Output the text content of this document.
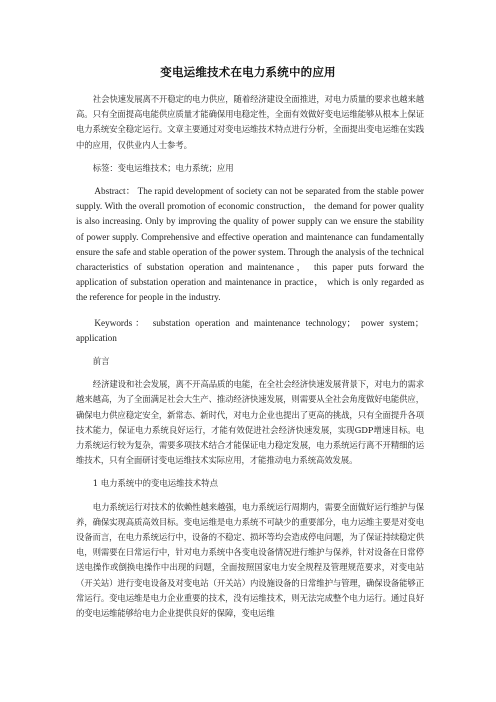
变电运维技术在电力系统中的应用

社会快速发展离不开稳定的电力供应，随着经济建设全面推进，对电力质量的要求也越来越高。只有全面提高电能供应质量才能确保用电稳定性，全面有效做好变电运维能够从根本上保证电力系统安全稳定运行。文章主要通过对变电运维技术特点进行分析，全面提出变电运维在实践中的应用，仅供业内人士参考。

标签：变电运维技术；电力系统；应用

Abstract： The rapid development of society can not be separated from the stable power supply. With the overall promotion of economic construction， the demand for power quality is also increasing. Only by improving the quality of power supply can we ensure the stability of power supply. Comprehensive and effective operation and maintenance can fundamentally ensure the safe and stable operation of the power system. Through the analysis of the technical characteristics of substation operation and maintenance， this paper puts forward the application of substation operation and maintenance in practice， which is only regarded as the reference for people in the industry.

Keywords： substation operation and maintenance technology； power system； application

前言

经济建设和社会发展，离不开高品质的电能，在全社会经济快速发展背景下，对电力的需求越来越高，为了全面满足社会大生产、推动经济快速发展，则需要从全社会角度做好电能供应，确保电力供应稳定安全，新常态、新时代，对电力企业也提出了更高的挑战，只有全面提升各项技术能力，保证电力系统良好运行，才能有效促进社会经济快速发展，实现GDP增速目标。电力系统运行较为复杂，需要多项技术结合才能保证电力稳定发展，电力系统运行离不开精细的运维技术，只有全面研讨变电运维技术实际应用，才能推动电力系统高效发展。

1 电力系统中的变电运维技术特点

电力系统运行对技术的依赖性越来越强，电力系统运行周期内，需要全面做好运行维护与保养，确保实现高质高效目标。变电运维是电力系统不可缺少的重要部分，电力运维主要是对变电设备而言，在电力系统运行中，设备的不稳定、损坏等均会造成停电问题，为了保证持续稳定供电，则需要在日常运行中，针对电力系统中各变电设备情况进行维护与保养，针对设备在日常停送电操作或倒换电操作中出现的问题，全面按照国家电力安全规程及管理规范要求，对变电站（开关站）进行变电设备及对变电站（开关站）内设施设备的日常维护与管理，确保设备能够正常运行。变电运维是电力企业重要的技术，没有运维技术，则无法完成整个电力运行。通过良好的变电运维能够给电力企业提供良好的保障，变电运维
